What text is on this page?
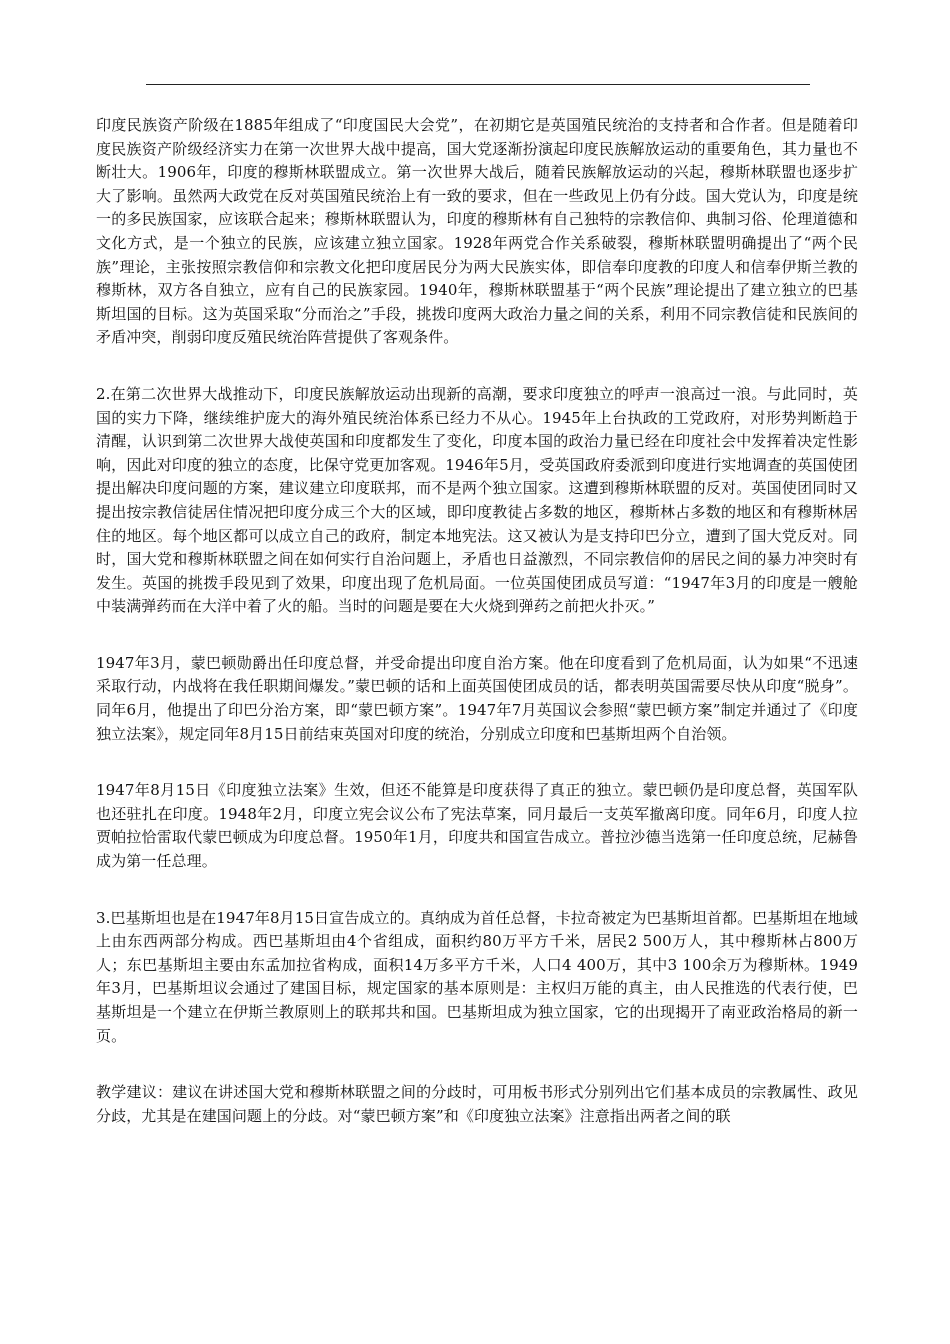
印度民族资产阶级在1885年组成了“印度国民大会党”，在初期它是英国殖民统治的支持者和合作者。但是随着印度民族资产阶级经济实力在第一次世界大战中提高，国大党逐渐扮演起印度民族解放运动的重要角色，其力量也不断壮大。1906年，印度的穆斯林联盟成立。第一次世界大战后，随着民族解放运动的兴起，穆斯林联盟也逐步扩大了影响。虽然两大政党在反对英国殖民统治上有一致的要求，但在一些政见上仍有分歧。国大党认为，印度是统一的多民族国家，应该联合起来；穆斯林联盟认为，印度的穆斯林有自己独特的宗教信仰、典制习俗、伦理道德和文化方式，是一个独立的民族，应该建立独立国家。1928年两党合作关系破裂，穆斯林联盟明确提出了“两个民族”理论，主张按照宗教信仰和宗教文化把印度居民分为两大民族实体，即信奉印度教的印度人和信奉伊斯兰教的穆斯林，双方各自独立，应有自己的民族家园。1940年，穆斯林联盟基于“两个民族”理论提出了建立独立的巴基斯坦国的目标。这为英国采取“分而治之”手段，挑拨印度两大政治力量之间的关系，利用不同宗教信徒和民族间的矛盾冲突，削弱印度反殖民统治阵营提供了客观条件。

2.在第二次世界大战推动下，印度民族解放运动出现新的高潮，要求印度独立的呼声一浪高过一浪。与此同时，英国的实力下降，继续维护庞大的海外殖民统治体系已经力不从心。1945年上台执政的工党政府，对形势判断趋于清醒，认识到第二次世界大战使英国和印度都发生了变化，印度本国的政治力量已经在印度社会中发挥着决定性影响，因此对印度的独立的态度，比保守党更加客观。1946年5月，受英国政府委派到印度进行实地调查的英国使团提出解决印度问题的方案，建议建立印度联邦，而不是两个独立国家。这遭到穆斯林联盟的反对。英国使团同时又提出按宗教信徒居住情况把印度分成三个大的区域，即印度教徒占多数的地区，穆斯林占多数的地区和有穆斯林居住的地区。每个地区都可以成立自己的政府，制定本地宪法。这又被认为是支持印巴分立，遭到了国大党反对。同时，国大党和穆斯林联盟之间在如何实行自治问题上，矛盾也日益激烈，不同宗教信仰的居民之间的暴力冲突时有发生。英国的挑拨手段见到了效果，印度出现了危机局面。一位英国使团成员写道：“1947年3月的印度是一艘舱中装满弹药而在大洋中着了火的船。当时的问题是要在大火烧到弹药之前把火扑灭。”

1947年3月，蒙巴顿勋爵出任印度总督，并受命提出印度自治方案。他在印度看到了危机局面，认为如果“不迅速采取行动，内战将在我任职期间爆发。”蒙巴顿的话和上面英国使团成员的话，都表明英国需要尽快从印度“脱身”。同年6月，他提出了印巴分治方案，即“蒙巴顿方案”。1947年7月英国议会参照“蒙巴顿方案”制定并通过了《印度独立法案》，规定同年8月15日前结束英国对印度的统治，分别成立印度和巴基斯坦两个自治领。

1947年8月15日《印度独立法案》生效，但还不能算是印度获得了真正的独立。蒙巴顿仍是印度总督，英国军队也还驻扎在印度。1948年2月，印度立宪会议公布了宪法草案，同月最后一支英军撤离印度。同年6月，印度人拉贾帕拉恰雷取代蒙巴顿成为印度总督。1950年1月，印度共和国宣告成立。普拉沙德当选第一任印度总统，尼赫鲁成为第一任总理。

3.巴基斯坦也是在1947年8月15日宣告成立的。真纳成为首任总督，卡拉奇被定为巴基斯坦首都。巴基斯坦在地域上由东西两部分构成。西巴基斯坦由4个省组成，面积约80万平方千米，居民2 500万人，其中穆斯林占800万人；东巴基斯坦主要由东孟加拉省构成，面积14万多平方千米，人口4 400万，其中3 100余万为穆斯林。1949年3月，巴基斯坦议会通过了建国目标，规定国家的基本原则是：主权归万能的真主，由人民推选的代表行使，巴基斯坦是一个建立在伊斯兰教原则上的联邦共和国。巴基斯坦成为独立国家，它的出现揭开了南亚政治格局的新一页。

教学建议：建议在讲述国大党和穆斯林联盟之间的分歧时，可用板书形式分别列出它们基本成员的宗教属性、政见分歧，尤其是在建国问题上的分歧。对“蒙巴顿方案”和《印度独立法案》注意指出两者之间的联
